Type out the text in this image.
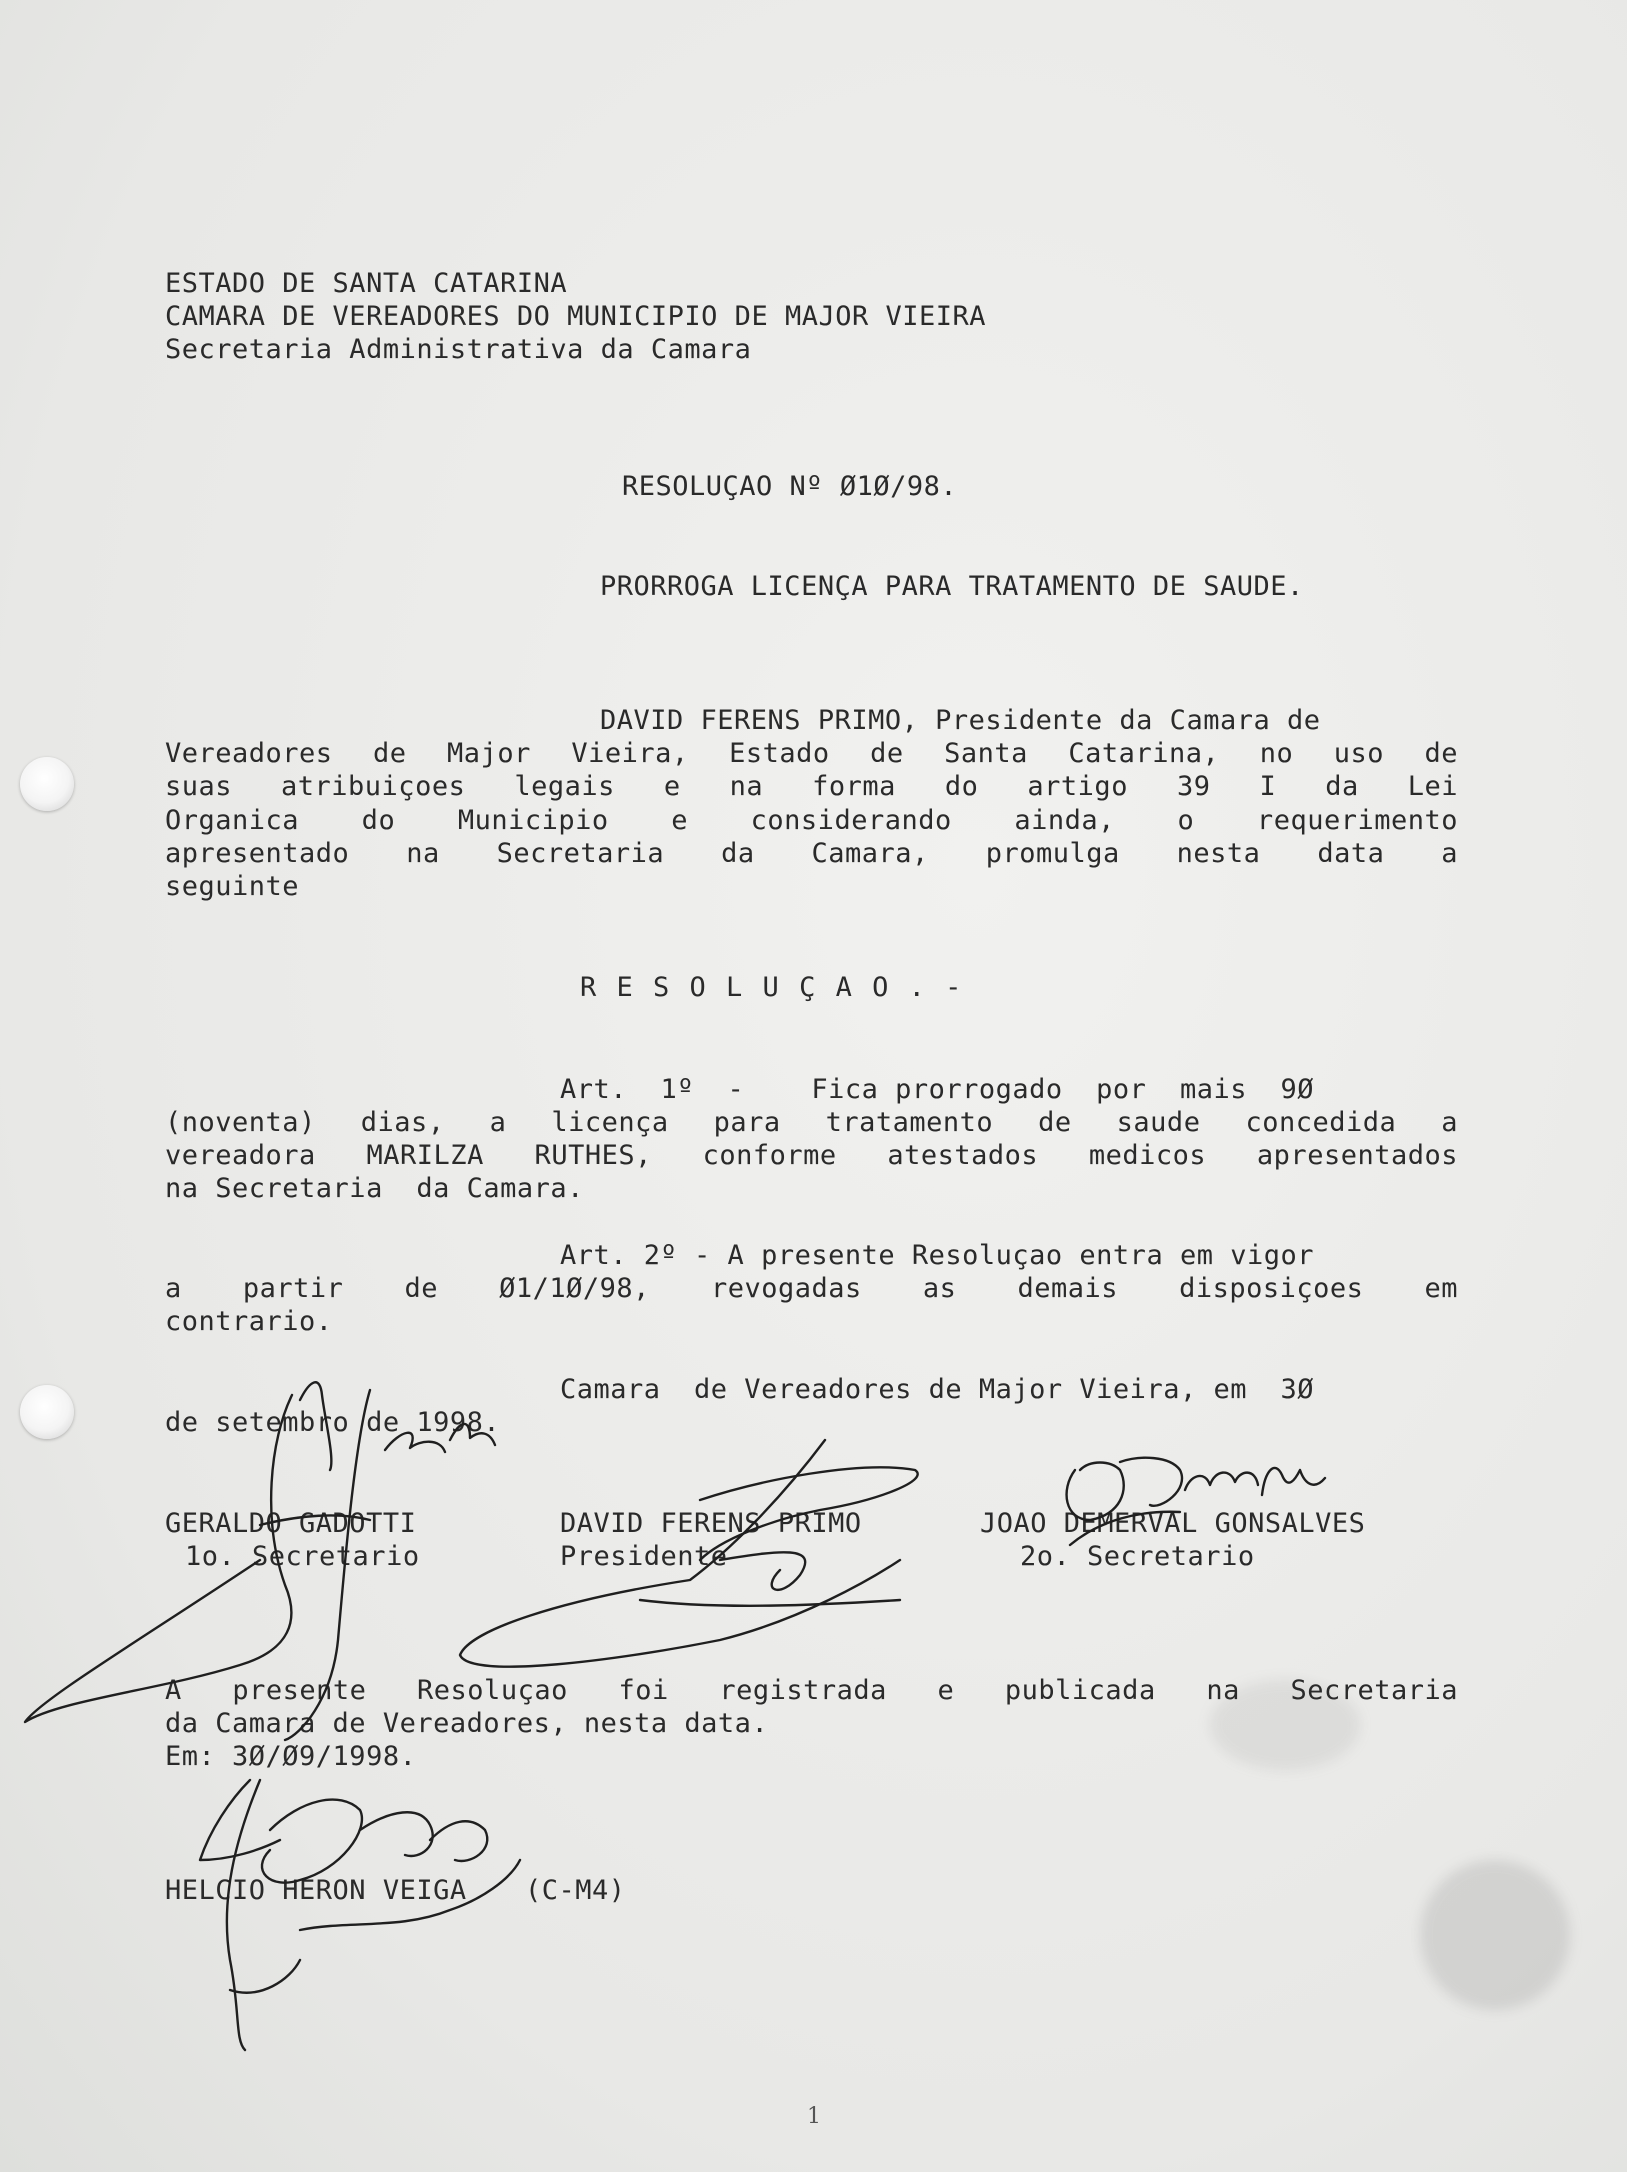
ESTADO DE SANTA CATARINA
CAMARA DE VEREADORES DO MUNICIPIO DE MAJOR VIEIRA
Secretaria Administrativa da Camara
RESOLUÇAO Nº Ø1Ø/98.
PRORROGA LICENÇA PARA TRATAMENTO DE SAUDE.
DAVID FERENS PRIMO, Presidente da Camara de
Vereadores de Major Vieira, Estado de Santa Catarina, no uso de
suas atribuiçoes legais e na forma do artigo 39 I da Lei
Organica do Municipio e considerando ainda, o requerimento
apresentado na Secretaria da Camara, promulga nesta data a
seguinte
R E S O L U Ç A O . -
Art.  1º  -    Fica prorrogado  por  mais  9Ø
(noventa) dias, a licença para tratamento de saude concedida a
vereadora MARILZA RUTHES, conforme atestados medicos apresentados
na Secretaria  da Camara.
Art. 2º - A presente Resoluçao entra em vigor
a partir de Ø1/1Ø/98, revogadas as demais disposiçoes em
contrario.
Camara  de Vereadores de Major Vieira, em  3Ø
de setembro de 1998.
GERALDO GADOTTI
1o. Secretario
DAVID FERENS PRIMO
Presidente
JOAO DEMERVAL GONSALVES
2o. Secretario
A presente Resoluçao foi registrada e publicada na Secretaria
da Camara de Vereadores, nesta data.
Em: 3Ø/Ø9/1998.
HELCIO HERON VEIGA (C-M4)
1
